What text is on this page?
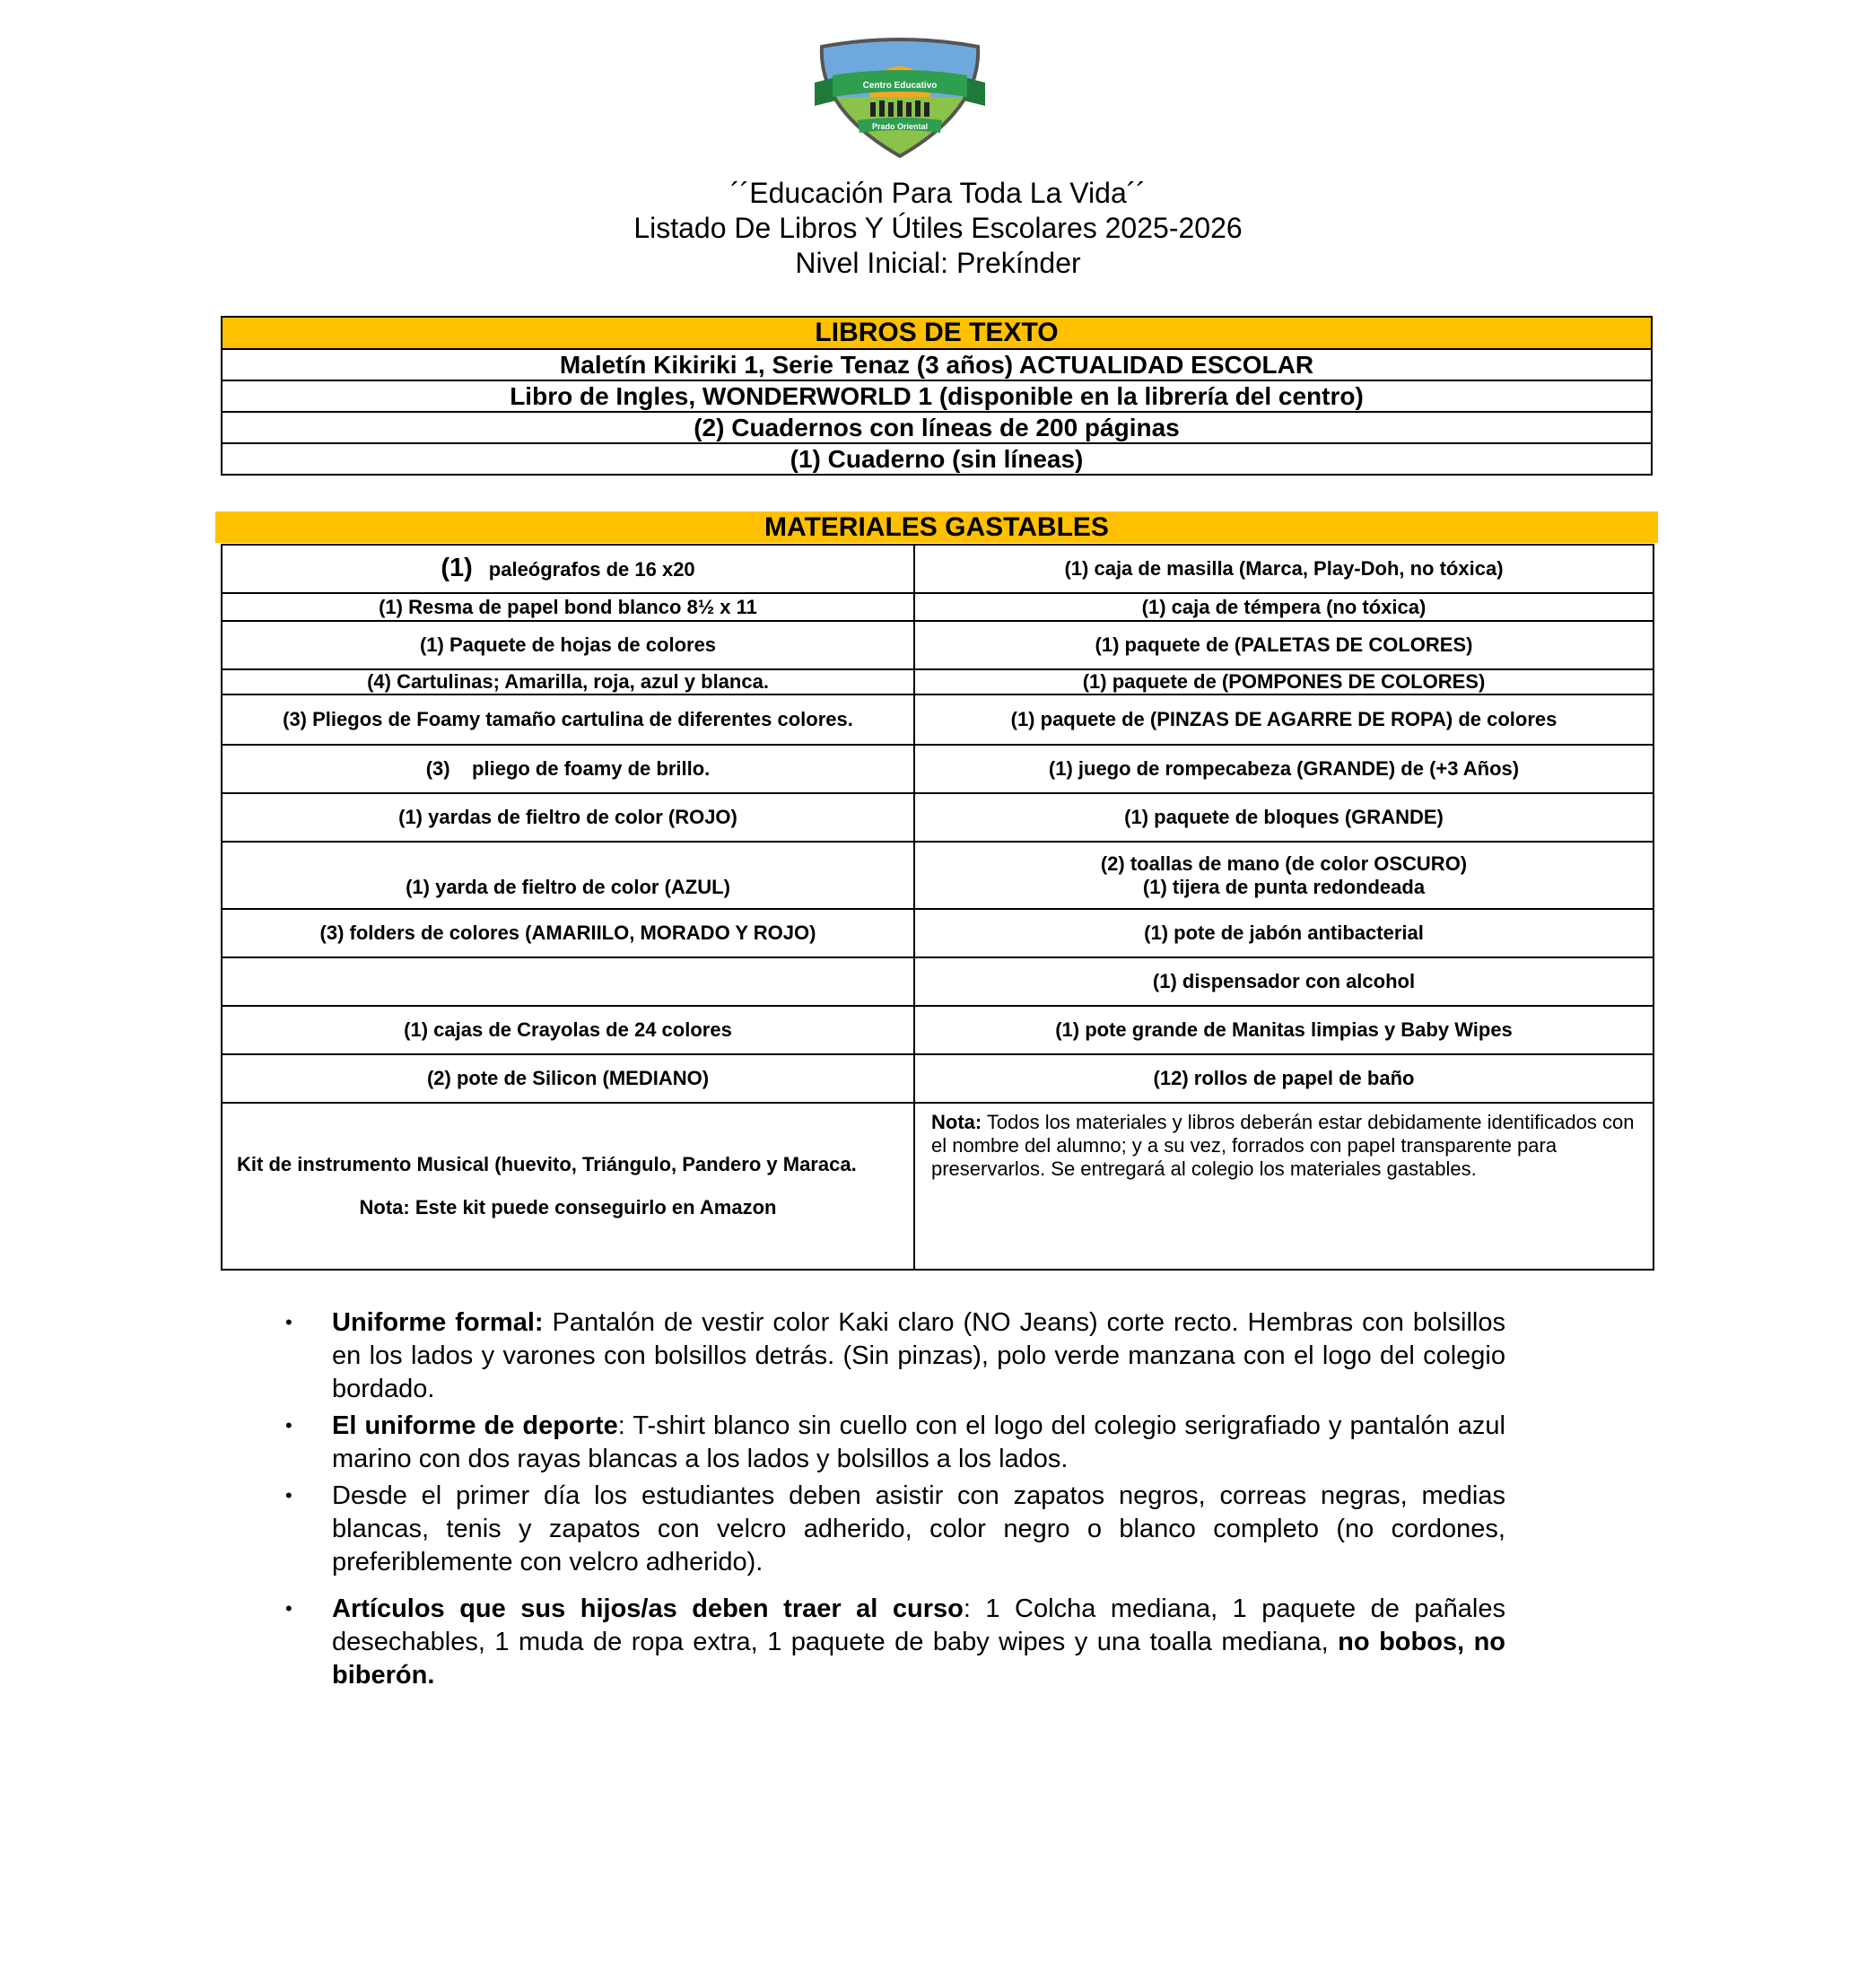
Centro Educativo
Prado Oriental
´´Educación Para Toda La Vida´´
Listado De Libros Y Útiles Escolares 2025-2026
Nivel Inicial: Prekínder
LIBROS DE TEXTO
Maletín Kikiriki 1, Serie Tenaz (3 años) ACTUALIDAD ESCOLAR
Libro de Ingles, WONDERWORLD 1 (disponible en la librería del centro)
(2) Cuadernos con líneas de 200 páginas
(1) Cuaderno (sin líneas)
MATERIALES GASTABLES
(1) paleógrafos de 16 x20	(1) caja de masilla (Marca, Play-Doh, no tóxica)
(1) Resma de papel bond blanco 8½ x 11	(1) caja de témpera (no tóxica)
(1) Paquete de hojas de colores	(1) paquete de (PALETAS DE COLORES)
(4) Cartulinas; Amarilla, roja, azul y blanca.	(1) paquete de (POMPONES DE COLORES)
(3) Pliegos de Foamy tamaño cartulina de diferentes colores.	(1) paquete de (PINZAS DE AGARRE DE ROPA) de colores
(3)    pliego de foamy de brillo.	(1) juego de rompecabeza (GRANDE) de (+3 Años)
(1) yardas de fieltro de color (ROJO)	(1) paquete de bloques (GRANDE)
(1) yarda de fieltro de color (AZUL)	(2) toallas de mano (de color OSCURO)
(1) tijera de punta redondeada

(3) folders de colores (AMARIILO, MORADO Y ROJO)	(1) pote de jabón antibacterial
	(1) dispensador con alcohol
(1) cajas de Crayolas de 24 colores	(1) pote grande de Manitas limpias y Baby Wipes
(2) pote de Silicon (MEDIANO)	(12) rollos de papel de baño

Kit de instrumento Musical (huevito, Triángulo, Pandero y Maraca.
Nota: Este kit puede conseguirlo en Amazon	Nota: Todos los materiales y libros deberán estar debidamente identificados con el nombre del alumno; y a su vez, forrados con papel transparente para preservarlos. Se entregará al colegio los materiales gastables.
• Uniforme formal: Pantalón de vestir color Kaki claro (NO Jeans) corte recto. Hembras con bolsillos en los lados y varones con bolsillos detrás. (Sin pinzas), polo verde manzana con el logo del colegio bordado.
• El uniforme de deporte: T-shirt blanco sin cuello con el logo del colegio serigrafiado y pantalón azul marino con dos rayas blancas a los lados y bolsillos a los lados.
• Desde el primer día los estudiantes deben asistir con zapatos negros, correas negras, medias blancas, tenis y zapatos con velcro adherido, color negro o blanco completo (no cordones, preferiblemente con velcro adherido).
• Artículos que sus hijos/as deben traer al curso: 1 Colcha mediana, 1 paquete de pañales desechables, 1 muda de ropa extra, 1 paquete de baby wipes y una toalla mediana, no bobos, no biberón.
